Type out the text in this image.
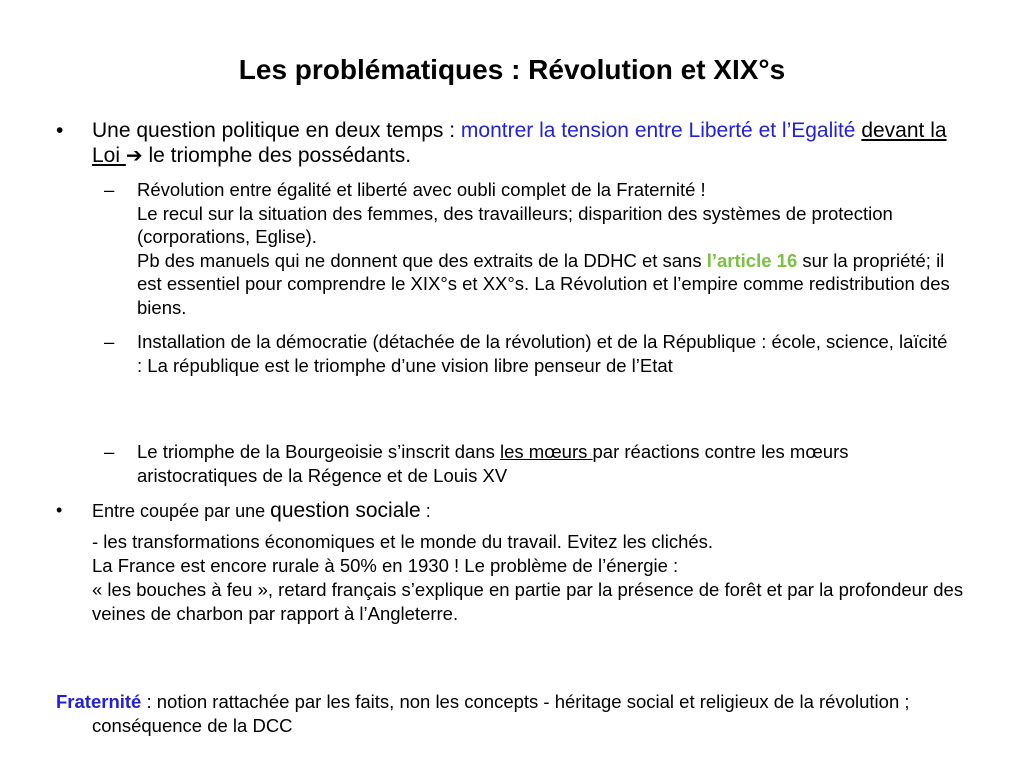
Les problématiques : Révolution et XIX°s
• Une question politique en deux temps : montrer la tension entre Liberté et l’Egalité devant la Loi ➔ le triomphe des possédants.
– Révolution entre égalité et liberté avec oubli complet de la Fraternité !
Le recul sur la situation des femmes, des travailleurs; disparition des systèmes de protection (corporations, Eglise).
Pb des manuels qui ne donnent que des extraits de la DDHC et sans l’article 16 sur la propriété; il est essentiel pour comprendre le XIX°s et XX°s. La Révolution et l’empire comme redistribution des biens.
– Installation de la démocratie (détachée de la révolution) et de la République : école, science, laïcité : La république est le triomphe d’une vision libre penseur de l’Etat
– Le triomphe de la Bourgeoisie s’inscrit dans les mœurs par réactions contre les mœurs aristocratiques de la Régence et de Louis XV
• Entre coupée par une question sociale :
- les transformations économiques et le monde du travail. Evitez les clichés.
La France est encore rurale à 50% en 1930 ! Le problème de l’énergie :
« les bouches à feu », retard français s’explique en partie par la présence de forêt et par la profondeur des veines de charbon par rapport à l’Angleterre.
Fraternité : notion rattachée par les faits, non les concepts - héritage social et religieux de la révolution ; conséquence de la DCC
